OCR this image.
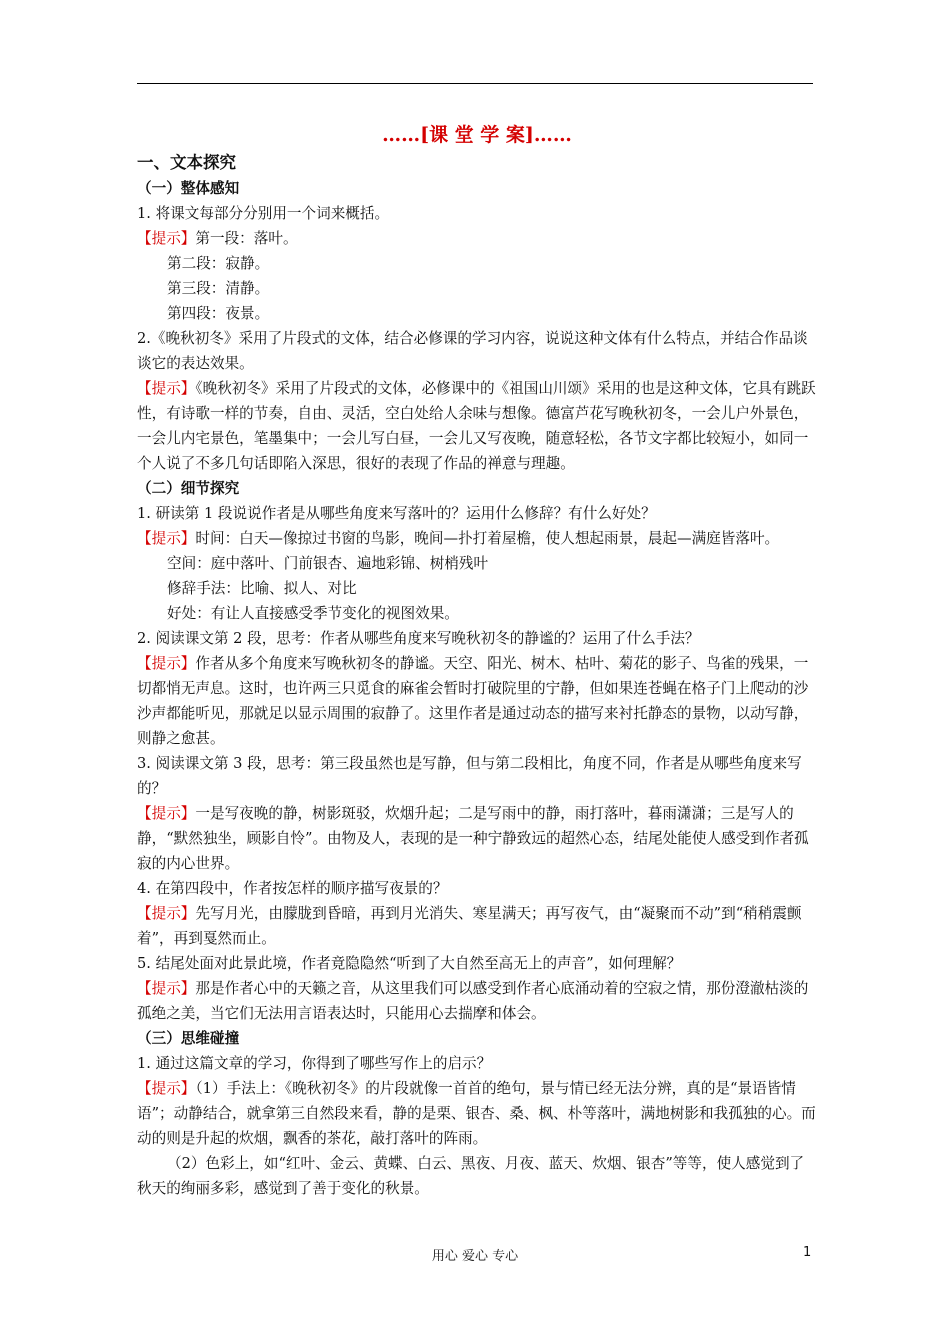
……[课 堂 学 案]……
一、文本探究
（一）整体感知

1. 将课文每部分分别用一个词来概括。

【提示】第一段：落叶。

第二段：寂静。

第三段：清静。

第四段：夜景。

2.《晚秋初冬》采用了片段式的文体，结合必修课的学习内容，说说这种文体有什么特点，并结合作品谈谈它的表达效果。

【提示】《晚秋初冬》采用了片段式的文体，必修课中的《祖国山川颂》采用的也是这种文体，它具有跳跃性，有诗歌一样的节奏，自由、灵活，空白处给人余味与想像。德富芦花写晚秋初冬，一会儿户外景色，一会儿内宅景色，笔墨集中；一会儿写白昼，一会儿又写夜晚，随意轻松，各节文字都比较短小，如同一个人说了不多几句话即陷入深思，很好的表现了作品的禅意与理趣。

（二）细节探究

1. 研读第 1 段说说作者是从哪些角度来写落叶的？运用什么修辞？有什么好处？

【提示】时间：白天—像掠过书窗的鸟影，晚间—扑打着屋檐，使人想起雨景，晨起—满庭皆落叶。

空间：庭中落叶、门前银杏、遍地彩锦、树梢残叶

修辞手法：比喻、拟人、对比

好处：有让人直接感受季节变化的视图效果。

2. 阅读课文第 2 段，思考：作者从哪些角度来写晚秋初冬的静谧的？运用了什么手法？

【提示】作者从多个角度来写晚秋初冬的静谧。天空、阳光、树木、枯叶、菊花的影子、鸟雀的残果，一切都悄无声息。这时，也许两三只觅食的麻雀会暂时打破院里的宁静，但如果连苍蝇在格子门上爬动的沙沙声都能听见，那就足以显示周围的寂静了。这里作者是通过动态的描写来衬托静态的景物，以动写静，则静之愈甚。

3. 阅读课文第 3 段，思考：第三段虽然也是写静，但与第二段相比，角度不同，作者是从哪些角度来写的？

【提示】一是写夜晚的静，树影斑驳，炊烟升起；二是写雨中的静，雨打落叶，暮雨潇潇；三是写人的静，“默然独坐，顾影自怜”。由物及人，表现的是一种宁静致远的超然心态，结尾处能使人感受到作者孤寂的内心世界。

4. 在第四段中，作者按怎样的顺序描写夜景的？

【提示】先写月光，由朦胧到昏暗，再到月光消失、寒星满天；再写夜气，由“凝聚而不动”到“稍稍震颤着”，再到戛然而止。

5. 结尾处面对此景此境，作者竟隐隐然“听到了大自然至高无上的声音”，如何理解？

【提示】那是作者心中的天籁之音，从这里我们可以感受到作者心底涌动着的空寂之情，那份澄澈枯淡的孤绝之美，当它们无法用言语表达时，只能用心去揣摩和体会。

（三）思维碰撞

1. 通过这篇文章的学习，你得到了哪些写作上的启示？

【提示】（1）手法上：《晚秋初冬》的片段就像一首首的绝句，景与情已经无法分辨，真的是“景语皆情语”；动静结合，就拿第三自然段来看，静的是栗、银杏、桑、枫、朴等落叶，满地树影和我孤独的心。而动的则是升起的炊烟，飘香的茶花，敲打落叶的阵雨。

（2）色彩上，如“红叶、金云、黄蝶、白云、黑夜、月夜、蓝天、炊烟、银杏”等等，使人感觉到了秋天的绚丽多彩，感觉到了善于变化的秋景。

用心 爱心 专心	1
